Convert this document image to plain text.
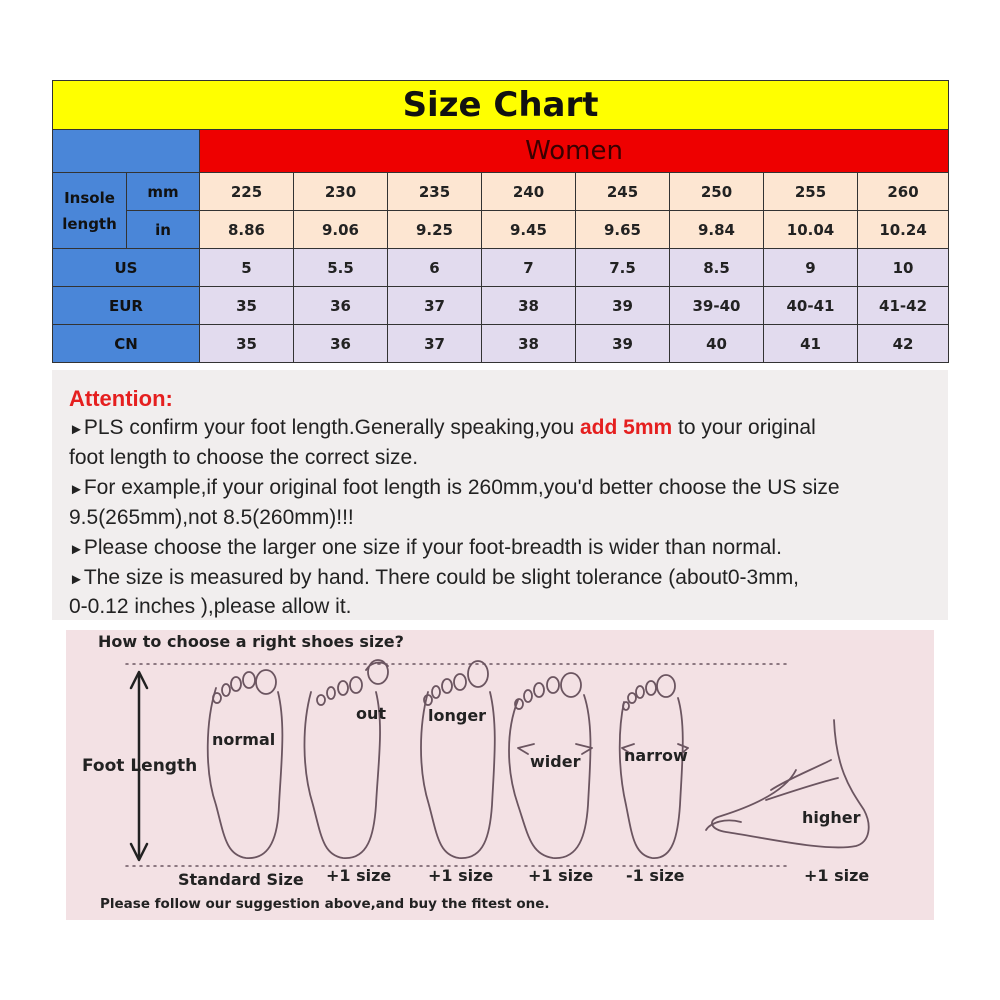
Size Chart									
		Women							
Insole
length	mm	225	230	235	240	245	250	255	260
	in	8.86	9.06	9.25	9.45	9.65	9.84	10.04	10.24
US		5	5.5	6	7	7.5	8.5	9	10
EUR		35	36	37	38	39	39-40	40-41	41-42
CN		35	36	37	38	39	40	41	42
Attention:
►PLS confirm your foot length.Generally speaking,you add 5mm to your original
foot length to choose the correct size.
►For example,if your original foot length is 260mm,you'd better choose the US size
9.5(265mm),not 8.5(260mm)!!!
►Please choose the larger one size if your foot-breadth is wider than normal.
►The size is measured by hand. There could be slight tolerance (about0-3mm,
0-0.12 inches ),please allow it.
How to choose a right shoes size?
Foot Length
normal
out	longer
wider	narrow
higher
Standard Size +1 size +1 size +1 size -1 size	+1 size
Please follow our suggestion above,and buy the fitest one.
